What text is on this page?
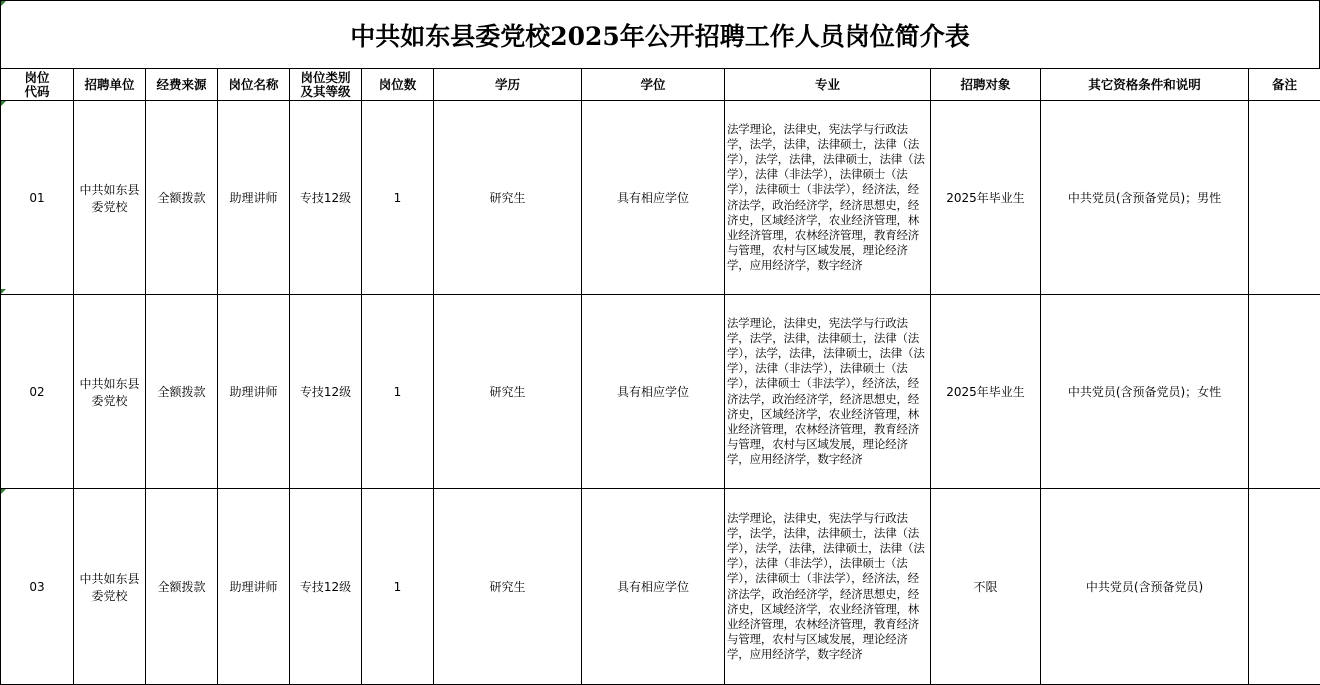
中共如东县委党校2025年公开招聘工作人员岗位简介表
岗位
代码	招聘单位	经费来源	岗位名称	岗位类别
及其等级	岗位数	学历	学位	专业	招聘对象	其它资格条件和说明	备注
01	中共如东县
委党校	全额拨款	助理讲师	专技12级	1	研究生	具有相应学位	法学理论，法律史，宪法学与行政法学，法学，法律，法律硕士，法律（法学），法学，法律，法律硕士，法律（法学），法律（非法学），法律硕士（法学），法律硕士（非法学），经济法，经济法学，政治经济学，经济思想史，经济史，区域经济学，农业经济管理，林业经济管理，农林经济管理，教育经济与管理，农村与区域发展，理论经济学，应用经济学，数字经济	2025年毕业生	中共党员(含预备党员)；男性	
02	中共如东县
委党校	全额拨款	助理讲师	专技12级	1	研究生	具有相应学位	法学理论，法律史，宪法学与行政法学，法学，法律，法律硕士，法律（法学），法学，法律，法律硕士，法律（法学），法律（非法学），法律硕士（法学），法律硕士（非法学），经济法，经济法学，政治经济学，经济思想史，经济史，区域经济学，农业经济管理，林业经济管理，农林经济管理，教育经济与管理，农村与区域发展，理论经济学，应用经济学，数字经济	2025年毕业生	中共党员(含预备党员)；女性	
03	中共如东县
委党校	全额拨款	助理讲师	专技12级	1	研究生	具有相应学位	法学理论，法律史，宪法学与行政法学，法学，法律，法律硕士，法律（法学），法学，法律，法律硕士，法律（法学），法律（非法学），法律硕士（法学），法律硕士（非法学），经济法，经济法学，政治经济学，经济思想史，经济史，区域经济学，农业经济管理，林业经济管理，农林经济管理，教育经济与管理，农村与区域发展，理论经济学，应用经济学，数字经济	不限	中共党员(含预备党员)	
